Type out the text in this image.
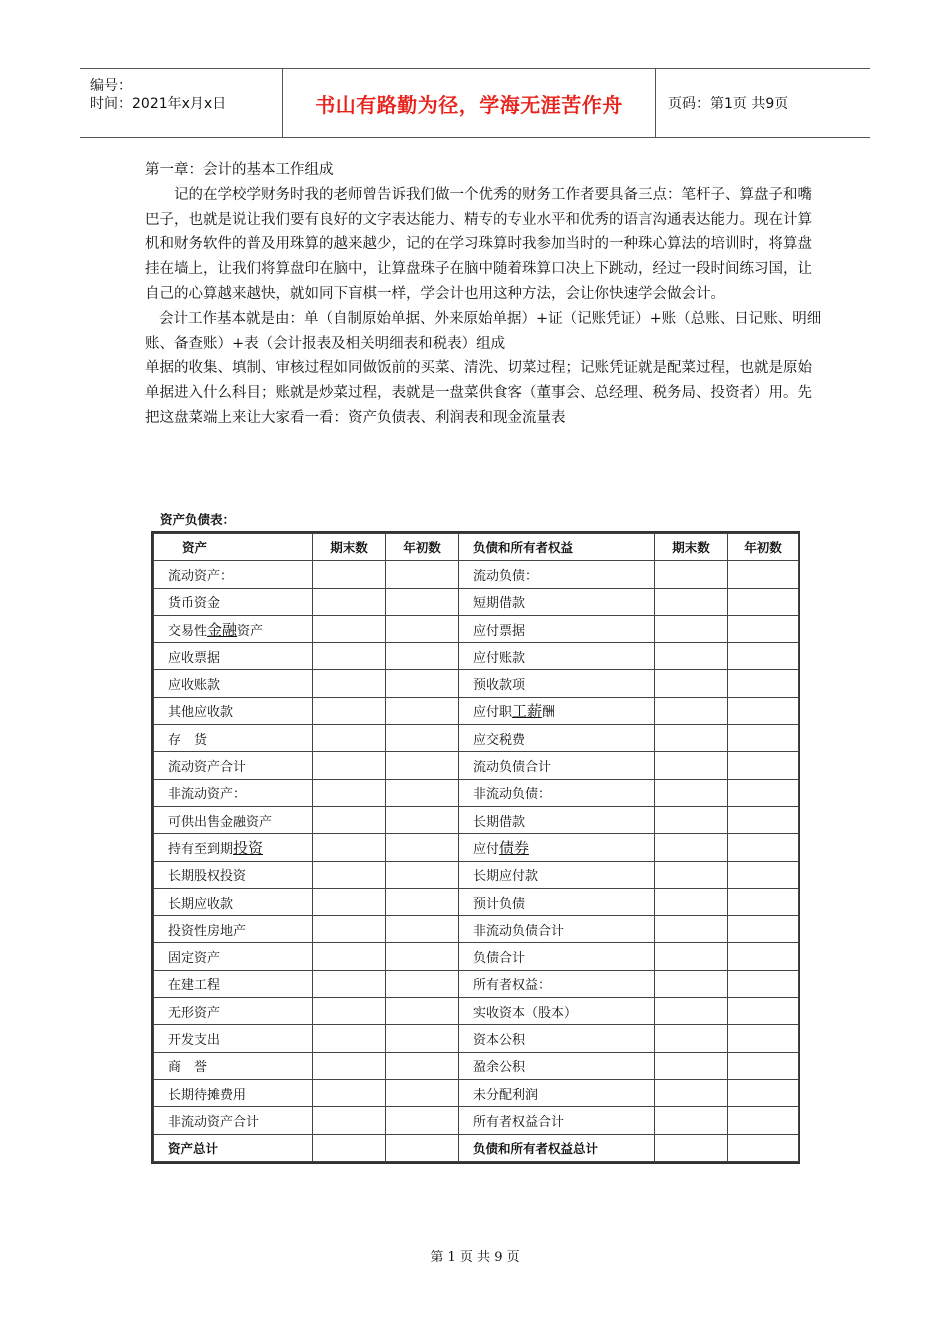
编号：
时间：2021年x月x日	书山有路勤为径，学海无涯苦作舟	页码：第1页 共9页

第一章：会计的基本工作组成

记的在学校学财务时我的老师曾告诉我们做一个优秀的财务工作者要具备三点：笔杆子、算盘子和嘴巴子，也就是说让我们要有良好的文字表达能力、精专的专业水平和优秀的语言沟通表达能力。现在计算机和财务软件的普及用珠算的越来越少，记的在学习珠算时我参加当时的一种珠心算法的培训时，将算盘挂在墙上，让我们将算盘印在脑中，让算盘珠子在脑中随着珠算口决上下跳动，经过一段时间练习国，让自己的心算越来越快，就如同下盲棋一样，学会计也用这种方法，会让你快速学会做会计。

会计工作基本就是由：单（自制原始单据、外来原始单据）+证（记账凭证）+账（总账、日记账、明细账、备查账）+表（会计报表及相关明细表和税表）组成

单据的收集、填制、审核过程如同做饭前的买菜、清洗、切菜过程；记账凭证就是配菜过程，也就是原始单据进入什么科目；账就是炒菜过程，表就是一盘菜供食客（董事会、总经理、税务局、投资者）用。先把这盘菜端上来让大家看一看：资产负债表、利润表和现金流量表

资产负债表：
资产	期末数	年初数	负债和所有者权益	期末数	年初数
流动资产：			流动负债：		
货币资金			短期借款		
交易性金融资产			应付票据		
应收票据			应付账款		
应收账款			预收款项		
其他应收款			应付职工薪酬		
存　货			应交税费		
流动资产合计			流动负债合计		
非流动资产：			非流动负债：		
可供出售金融资产			长期借款		
持有至到期投资			应付债券		
长期股权投资			长期应付款		
长期应收款			预计负债		
投资性房地产			非流动负债合计		
固定资产			负债合计		
在建工程			所有者权益：		
无形资产			实收资本（股本）		
开发支出			资本公积		
商　誉			盈余公积		
长期待摊费用			未分配利润		
非流动资产合计			所有者权益合计		
资产总计			负债和所有者权益总计		
第 1 页 共 9 页
